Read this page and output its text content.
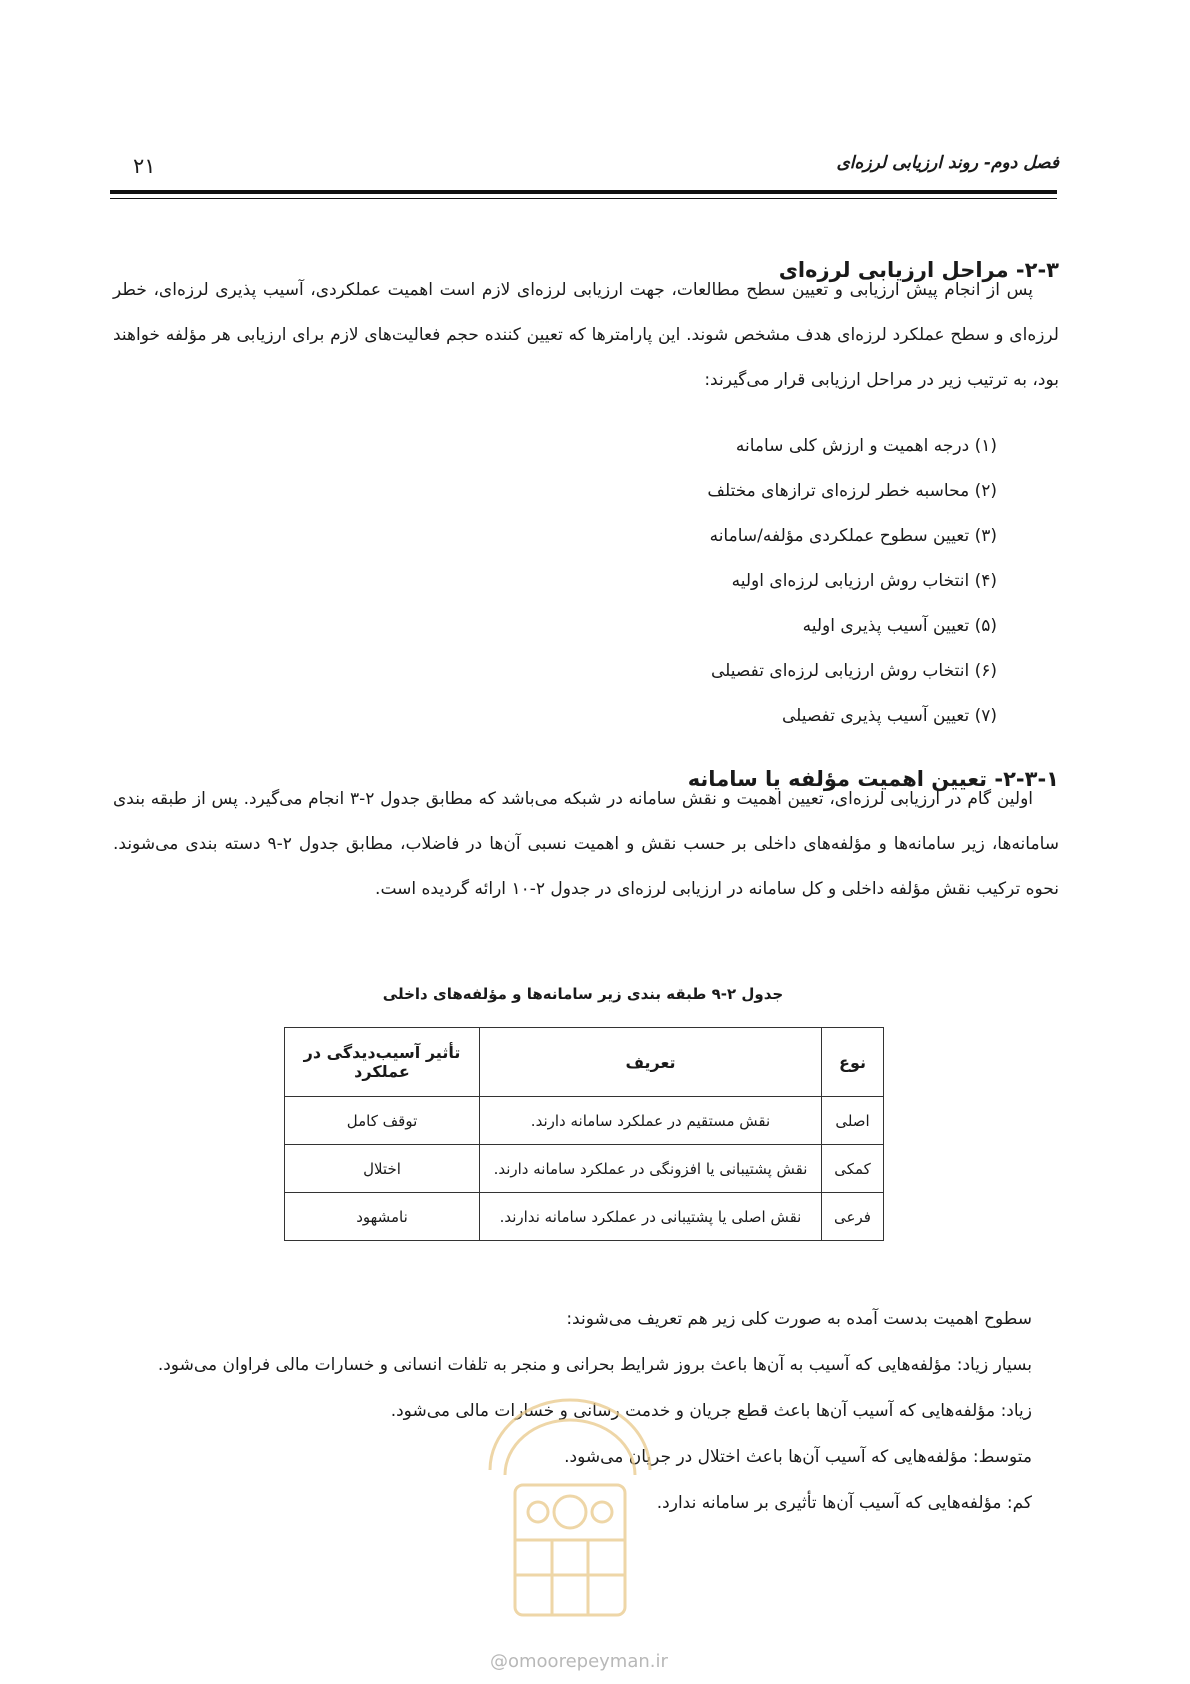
فصل دوم- روند ارزیابی لرزه‌ای
۲۱
۲-۳- مراحل ارزیابی لرزه‌ای
پس از انجام پیش ارزیابی و تعیین سطح مطالعات، جهت ارزیابی لرزه‌ای لازم است اهمیت عملکردی، آسیب پذیری لرزه‌ای، خطر لرزه‌ای و سطح عملکرد لرزه‌ای هدف مشخص شوند. این پارامترها که تعیین کننده حجم فعالیت‌های لازم برای ارزیابی هر مؤلفه خواهند بود، به ترتیب زیر در مراحل ارزیابی قرار می‌گیرند:
(۱) درجه اهمیت و ارزش کلی سامانه
(۲) محاسبه خطر لرزه‌ای ترازهای مختلف
(۳) تعیین سطوح عملکردی مؤلفه/سامانه
(۴) انتخاب روش ارزیابی لرزه‌ای اولیه
(۵) تعیین آسیب پذیری اولیه
(۶) انتخاب روش ارزیابی لرزه‌ای تفصیلی
(۷) تعیین آسیب پذیری تفصیلی
۲-۳-۱- تعیین اهمیت مؤلفه یا سامانه
اولین گام در ارزیابی لرزه‌ای، تعیین اهمیت و نقش سامانه در شبکه می‌باشد که مطابق جدول ۲-۳ انجام می‌گیرد. پس از طبقه بندی سامانه‌ها، زیر سامانه‌ها و مؤلفه‌های داخلی بر حسب نقش و اهمیت نسبی آن‌ها در فاضلاب، مطابق جدول ۲-۹ دسته بندی می‌شوند. نحوه ترکیب نقش مؤلفه داخلی و کل سامانه در ارزیابی لرزه‌ای در جدول ۲-۱۰ ارائه گردیده است.
جدول ۲-۹ طبقه بندی زیر سامانه‌ها و مؤلفه‌های داخلی
نوع	تعریف	تأثیر آسیب‌دیدگی در عملکرد
اصلی	نقش مستقیم در عملکرد سامانه دارند.	توقف کامل
کمکی	نقش پشتیبانی یا افزونگی در عملکرد سامانه دارند.	اختلال
فرعی	نقش اصلی یا پشتیبانی در عملکرد سامانه ندارند.	نامشهود
سطوح اهمیت بدست آمده به صورت کلی زیر هم تعریف می‌شوند:
بسیار زیاد: مؤلفه‌هایی که آسیب به آن‌ها باعث بروز شرایط بحرانی و منجر به تلفات انسانی و خسارات مالی فراوان می‌شود.
زیاد: مؤلفه‌هایی که آسیب آن‌ها باعث قطع جریان و خدمت رسانی و خسارات مالی می‌شود.
متوسط: مؤلفه‌هایی که آسیب آن‌ها باعث اختلال در جریان می‌شود.
کم: مؤلفه‌هایی که آسیب آن‌ها تأثیری بر سامانه ندارد.
@omoorepeyman.ir
